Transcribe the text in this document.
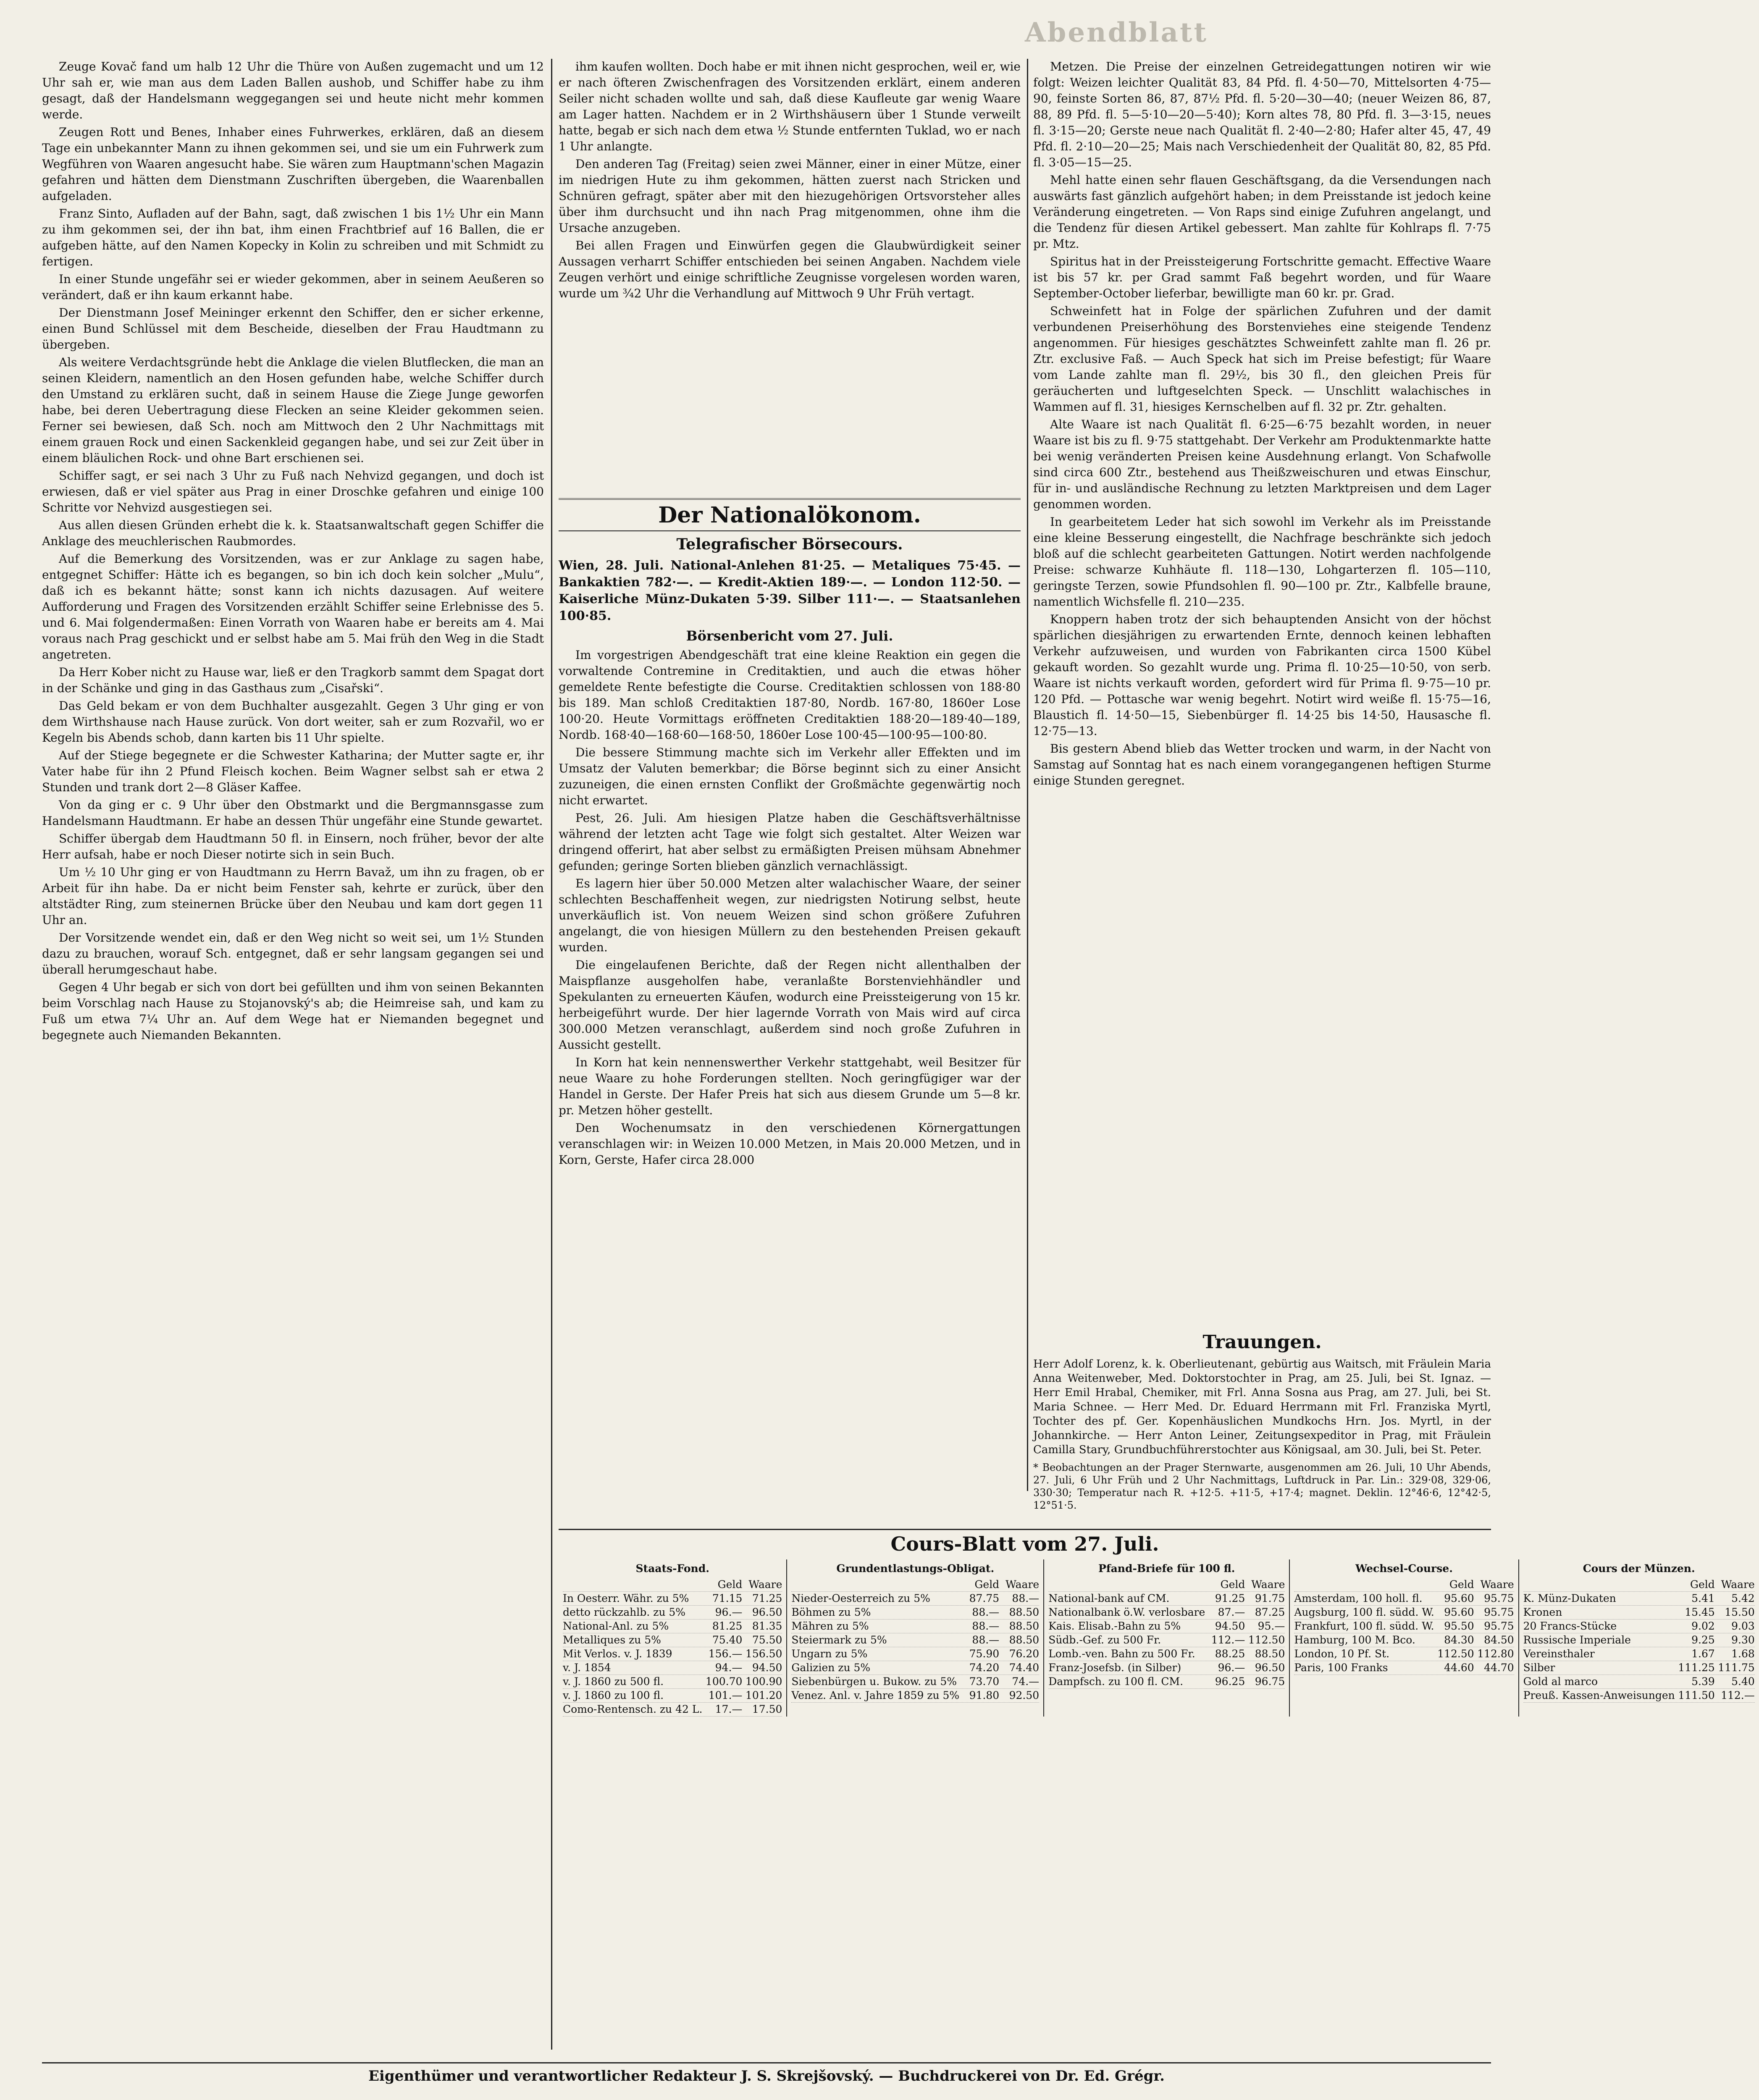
Abendblatt

Zeuge Kovač fand um halb 12 Uhr die Thüre von Außen zugemacht und um 12 Uhr sah er, wie man aus dem Laden Ballen aushob, und Schiffer habe zu ihm gesagt, daß der Handelsmann weggegangen sei und heute nicht mehr kommen werde.

Zeugen Rott und Benes, Inhaber eines Fuhrwerkes, erklären, daß an diesem Tage ein unbekannter Mann zu ihnen gekommen sei, und sie um ein Fuhrwerk zum Wegführen von Waaren angesucht habe. Sie wären zum Hauptmann'schen Magazin gefahren und hätten dem Dienstmann Zuschriften übergeben, die Waarenballen aufgeladen.

Franz Sinto, Aufladen auf der Bahn, sagt, daß zwischen 1 bis 1½ Uhr ein Mann zu ihm gekommen sei, der ihn bat, ihm einen Frachtbrief auf 16 Ballen, die er aufgeben hätte, auf den Namen Kopecky in Kolin zu schreiben und mit Schmidt zu fertigen.

In einer Stunde ungefähr sei er wieder gekommen, aber in seinem Aeußeren so verändert, daß er ihn kaum erkannt habe.

Der Dienstmann Josef Meininger erkennt den Schiffer, den er sicher erkenne, einen Bund Schlüssel mit dem Bescheide, dieselben der Frau Haudtmann zu übergeben.

Als weitere Verdachtsgründe hebt die Anklage die vielen Blutflecken, die man an seinen Kleidern, namentlich an den Hosen gefunden habe, welche Schiffer durch den Umstand zu erklären sucht, daß in seinem Hause die Ziege Junge geworfen habe, bei deren Uebertragung diese Flecken an seine Kleider gekommen seien. Ferner sei bewiesen, daß Sch. noch am Mittwoch den 2 Uhr Nachmittags mit einem grauen Rock und einen Sackenkleid gegangen habe, und sei zur Zeit über in einem bläulichen Rock- und ohne Bart erschienen sei.

Schiffer sagt, er sei nach 3 Uhr zu Fuß nach Nehvizd gegangen, und doch ist erwiesen, daß er viel später aus Prag in einer Droschke gefahren und einige 100 Schritte vor Nehvizd ausgestiegen sei.

Aus allen diesen Gründen erhebt die k. k. Staatsanwaltschaft gegen Schiffer die Anklage des meuchlerischen Raubmordes.

Auf die Bemerkung des Vorsitzenden, was er zur Anklage zu sagen habe, entgegnet Schiffer: Hätte ich es begangen, so bin ich doch kein solcher „Mulu“, daß ich es bekannt hätte; sonst kann ich nichts dazusagen. Auf weitere Aufforderung und Fragen des Vorsitzenden erzählt Schiffer seine Erlebnisse des 5. und 6. Mai folgendermaßen: Einen Vorrath von Waaren habe er bereits am 4. Mai voraus nach Prag geschickt und er selbst habe am 5. Mai früh den Weg in die Stadt angetreten.

Da Herr Kober nicht zu Hause war, ließ er den Tragkorb sammt dem Spagat dort in der Schänke und ging in das Gasthaus zum „Cisařski“.

Das Geld bekam er von dem Buchhalter ausgezahlt. Gegen 3 Uhr ging er von dem Wirthshause nach Hause zurück. Von dort weiter, sah er zum Rozvařil, wo er Kegeln bis Abends schob, dann karten bis 11 Uhr spielte.

Auf der Stiege begegnete er die Schwester Katharina; der Mutter sagte er, ihr Vater habe für ihn 2 Pfund Fleisch kochen. Beim Wagner selbst sah er etwa 2 Stunden und trank dort 2—8 Gläser Kaffee.

Von da ging er c. 9 Uhr über den Obstmarkt und die Bergmannsgasse zum Handelsmann Haudtmann. Er habe an dessen Thür ungefähr eine Stunde gewartet.

Schiffer übergab dem Haudtmann 50 fl. in Einsern, noch früher, bevor der alte Herr aufsah, habe er noch Dieser notirte sich in sein Buch.

Um ½ 10 Uhr ging er von Haudtmann zu Herrn Bavaž, um ihn zu fragen, ob er Arbeit für ihn habe. Da er nicht beim Fenster sah, kehrte er zurück, über den altstädter Ring, zum steinernen Brücke über den Neubau und kam dort gegen 11 Uhr an.

Der Vorsitzende wendet ein, daß er den Weg nicht so weit sei, um 1½ Stunden dazu zu brauchen, worauf Sch. entgegnet, daß er sehr langsam gegangen sei und überall herumgeschaut habe.

Gegen 4 Uhr begab er sich von dort bei gefüllten und ihm von seinen Bekannten beim Vorschlag nach Hause zu Stojanovský's ab; die Heimreise sah, und kam zu Fuß um etwa 7¼ Uhr an. Auf dem Wege hat er Niemanden begegnet und begegnete auch Niemanden Bekannten.

ihm kaufen wollten. Doch habe er mit ihnen nicht gesprochen, weil er, wie er nach öfteren Zwischenfragen des Vorsitzenden erklärt, einem anderen Seiler nicht schaden wollte und sah, daß diese Kaufleute gar wenig Waare am Lager hatten. Nachdem er in 2 Wirthshäusern über 1 Stunde verweilt hatte, begab er sich nach dem etwa ½ Stunde entfernten Tuklad, wo er nach 1 Uhr anlangte.

Den anderen Tag (Freitag) seien zwei Männer, einer in einer Mütze, einer im niedrigen Hute zu ihm gekommen, hätten zuerst nach Stricken und Schnüren gefragt, später aber mit den hiezugehörigen Ortsvorsteher alles über ihm durchsucht und ihn nach Prag mitgenommen, ohne ihm die Ursache anzugeben.

Bei allen Fragen und Einwürfen gegen die Glaubwürdigkeit seiner Aussagen verharrt Schiffer entschieden bei seinen Angaben. Nachdem viele Zeugen verhört und einige schriftliche Zeugnisse vorgelesen worden waren, wurde um ¾2 Uhr die Verhandlung auf Mittwoch 9 Uhr Früh vertagt.

Der Nationalökonom.
Telegrafischer Börsecours.
Wien, 28. Juli. National-Anlehen 81·25. — Metaliques 75·45. — Bankaktien 782·—. — Kredit-Aktien 189·—. — London 112·50. — Kaiserliche Münz-Dukaten 5·39. Silber 111·—. — Staatsanlehen 100·85.
Börsenbericht vom 27. Juli.

Im vorgestrigen Abendgeschäft trat eine kleine Reaktion ein gegen die vorwaltende Contremine in Creditaktien, und auch die etwas höher gemeldete Rente befestigte die Course. Creditaktien schlossen von 188·80 bis 189. Man schloß Creditaktien 187·80, Nordb. 167·80, 1860er Lose 100·20. Heute Vormittags eröffneten Creditaktien 188·20—189·40—189, Nordb. 168·40—168·60—168·50, 1860er Lose 100·45—100·95—100·80.

Die bessere Stimmung machte sich im Verkehr aller Effekten und im Umsatz der Valuten bemerkbar; die Börse beginnt sich zu einer Ansicht zuzuneigen, die einen ernsten Conflikt der Großmächte gegenwärtig noch nicht erwartet.

Pest, 26. Juli. Am hiesigen Platze haben die Geschäftsverhältnisse während der letzten acht Tage wie folgt sich gestaltet. Alter Weizen war dringend offerirt, hat aber selbst zu ermäßigten Preisen mühsam Abnehmer gefunden; geringe Sorten blieben gänzlich vernachlässigt.

Es lagern hier über 50.000 Metzen alter walachischer Waare, der seiner schlechten Beschaffenheit wegen, zur niedrigsten Notirung selbst, heute unverkäuflich ist. Von neuem Weizen sind schon größere Zufuhren angelangt, die von hiesigen Müllern zu den bestehenden Preisen gekauft wurden.

Die eingelaufenen Berichte, daß der Regen nicht allenthalben der Maispflanze ausgeholfen habe, veranlaßte Borstenviehhändler und Spekulanten zu erneuerten Käufen, wodurch eine Preissteigerung von 15 kr. herbeigeführt wurde. Der hier lagernde Vorrath von Mais wird auf circa 300.000 Metzen veranschlagt, außerdem sind noch große Zufuhren in Aussicht gestellt.

In Korn hat kein nennenswerther Verkehr stattgehabt, weil Besitzer für neue Waare zu hohe Forderungen stellten. Noch geringfügiger war der Handel in Gerste. Der Hafer Preis hat sich aus diesem Grunde um 5—8 kr. pr. Metzen höher gestellt.

Den Wochenumsatz in den verschiedenen Körnergattungen veranschlagen wir: in Weizen 10.000 Metzen, in Mais 20.000 Metzen, und in Korn, Gerste, Hafer circa 28.000

Metzen. Die Preise der einzelnen Getreidegattungen notiren wir wie folgt: Weizen leichter Qualität 83, 84 Pfd. fl. 4·50—70, Mittelsorten 4·75—90, feinste Sorten 86, 87, 87½ Pfd. fl. 5·20—30—40; (neuer Weizen 86, 87, 88, 89 Pfd. fl. 5—5·10—20—5·40); Korn altes 78, 80 Pfd. fl. 3—3·15, neues fl. 3·15—20; Gerste neue nach Qualität fl. 2·40—2·80; Hafer alter 45, 47, 49 Pfd. fl. 2·10—20—25; Mais nach Verschiedenheit der Qualität 80, 82, 85 Pfd. fl. 3·05—15—25.

Mehl hatte einen sehr flauen Geschäftsgang, da die Versendungen nach auswärts fast gänzlich aufgehört haben; in dem Preisstande ist jedoch keine Veränderung eingetreten. — Von Raps sind einige Zufuhren angelangt, und die Tendenz für diesen Artikel gebessert. Man zahlte für Kohlraps fl. 7·75 pr. Mtz.

Spiritus hat in der Preissteigerung Fortschritte gemacht. Effective Waare ist bis 57 kr. per Grad sammt Faß begehrt worden, und für Waare September-October lieferbar, bewilligte man 60 kr. pr. Grad.

Schweinfett hat in Folge der spärlichen Zufuhren und der damit verbundenen Preiserhöhung des Borstenviehes eine steigende Tendenz angenommen. Für hiesiges geschätztes Schweinfett zahlte man fl. 26 pr. Ztr. exclusive Faß. — Auch Speck hat sich im Preise befestigt; für Waare vom Lande zahlte man fl. 29½, bis 30 fl., den gleichen Preis für geräucherten und luftgeselchten Speck. — Unschlitt walachisches in Wammen auf fl. 31, hiesiges Kernschelben auf fl. 32 pr. Ztr. gehalten.

Alte Waare ist nach Qualität fl. 6·25—6·75 bezahlt worden, in neuer Waare ist bis zu fl. 9·75 stattgehabt. Der Verkehr am Produktenmarkte hatte bei wenig veränderten Preisen keine Ausdehnung erlangt. Von Schafwolle sind circa 600 Ztr., bestehend aus Theißzweischuren und etwas Einschur, für in- und ausländische Rechnung zu letzten Marktpreisen und dem Lager genommen worden.

In gearbeitetem Leder hat sich sowohl im Verkehr als im Preisstande eine kleine Besserung eingestellt, die Nachfrage beschränkte sich jedoch bloß auf die schlecht gearbeiteten Gattungen. Notirt werden nachfolgende Preise: schwarze Kuhhäute fl. 118—130, Lohgarterzen fl. 105—110, geringste Terzen, sowie Pfundsohlen fl. 90—100 pr. Ztr., Kalbfelle braune, namentlich Wichsfelle fl. 210—235.

Knoppern haben trotz der sich behauptenden Ansicht von der höchst spärlichen diesjährigen zu erwartenden Ernte, dennoch keinen lebhaften Verkehr aufzuweisen, und wurden von Fabrikanten circa 1500 Kübel gekauft worden. So gezahlt wurde ung. Prima fl. 10·25—10·50, von serb. Waare ist nichts verkauft worden, gefordert wird für Prima fl. 9·75—10 pr. 120 Pfd. — Pottasche war wenig begehrt. Notirt wird weiße fl. 15·75—16, Blaustich fl. 14·50—15, Siebenbürger fl. 14·25 bis 14·50, Hausasche fl. 12·75—13.

Bis gestern Abend blieb das Wetter trocken und warm, in der Nacht von Samstag auf Sonntag hat es nach einem vorangegangenen heftigen Sturme einige Stunden geregnet.

Trauungen.
Herr Adolf Lorenz, k. k. Oberlieutenant, gebürtig aus Waitsch, mit Fräulein Maria Anna Weitenweber, Med. Doktorstochter in Prag, am 25. Juli, bei St. Ignaz. — Herr Emil Hrabal, Chemiker, mit Frl. Anna Sosna aus Prag, am 27. Juli, bei St. Maria Schnee. — Herr Med. Dr. Eduard Herrmann mit Frl. Franziska Myrtl, Tochter des pf. Ger. Kopenhäuslichen Mundkochs Hrn. Jos. Myrtl, in der Johannkirche. — Herr Anton Leiner, Zeitungsexpeditor in Prag, mit Fräulein Camilla Stary, Grundbuchführerstochter aus Königsaal, am 30. Juli, bei St. Peter.
* Beobachtungen an der Prager Sternwarte, ausgenommen am 26. Juli, 10 Uhr Abends, 27. Juli, 6 Uhr Früh und 2 Uhr Nachmittags, Luftdruck in Par. Lin.: 329·08, 329·06, 330·30; Temperatur nach R. +12·5. +11·5, +17·4; magnet. Deklin. 12°46·6, 12°42·5, 12°51·5.
Cours-Blatt vom 27. Juli.
Staats-Fond.
Geld Waare
In Oesterr. Währ. zu 5%	71.15 71.25
detto rückzahlb. zu 5%	96.— 96.50
National-Anl. zu 5%	81.25 81.35
Metalliques zu 5%	75.40 75.50
Mit Verlos. v. J. 1839	156.— 156.50
v. J. 1854	94.— 94.50
v. J. 1860 zu 500 fl.	100.70 100.90
v. J. 1860 zu 100 fl.	101.— 101.20
Como-Rentensch. zu 42 L.	17.— 17.50
Grundentlastungs-Obligat.
Geld Waare
Nieder-Oesterreich zu 5%	87.75	88.—
Böhmen zu 5%	88.— 88.50
Mähren zu 5%	88.— 88.50
Steiermark zu 5%	88.— 88.50
Ungarn zu 5%	75.90 76.20
Galizien zu 5%	74.20 74.40
Siebenbürgen u. Bukow. zu 5%	73.70	74.—
Venez. Anl. v. Jahre 1859 zu 5% 91.80 92.50
Pfand-Briefe für 100 fl.
Geld Waare
National-bank auf CM.	91.25 91.75
Nationalbank ö.W. verlosbare	87.— 87.25
Kais. Elisab.-Bahn zu 5%	94.50	95.—
Südb.-Gef. zu 500 Fr.	112.— 112.50
Lomb.-ven. Bahn zu 500 Fr.	88.25 88.50
Franz-Josefsb. (in Silber)	96.— 96.50
Dampfsch. zu 100 fl. CM.	96.25 96.75
Wechsel-Course.
Geld Waare
Amsterdam, 100 holl. fl.	95.60 95.75
Augsburg, 100 fl. südd. W. 95.60 95.75
Frankfurt, 100 fl. südd. W. 95.50 95.75
Hamburg, 100 M. Bco.	84.30 84.50
London, 10 Pf. St.	112.50 112.80
Paris, 100 Franks	44.60 44.70
Cours der Münzen.
Geld Waare
K. Münz-Dukaten	5.41	5.42
Kronen	15.45 15.50
20 Francs-Stücke	9.02	9.03
Russische Imperiale	9.25	9.30
Vereinsthaler	1.67	1.68
Silber	111.25 111.75
Gold al marco	5.39	5.40
Preuß. Kassen-Anweisungen 111.50 112.—
Eigenthümer und verantwortlicher Redakteur J. S. Skrejšovský. — Buchdruckerei von Dr. Ed. Grégr.
